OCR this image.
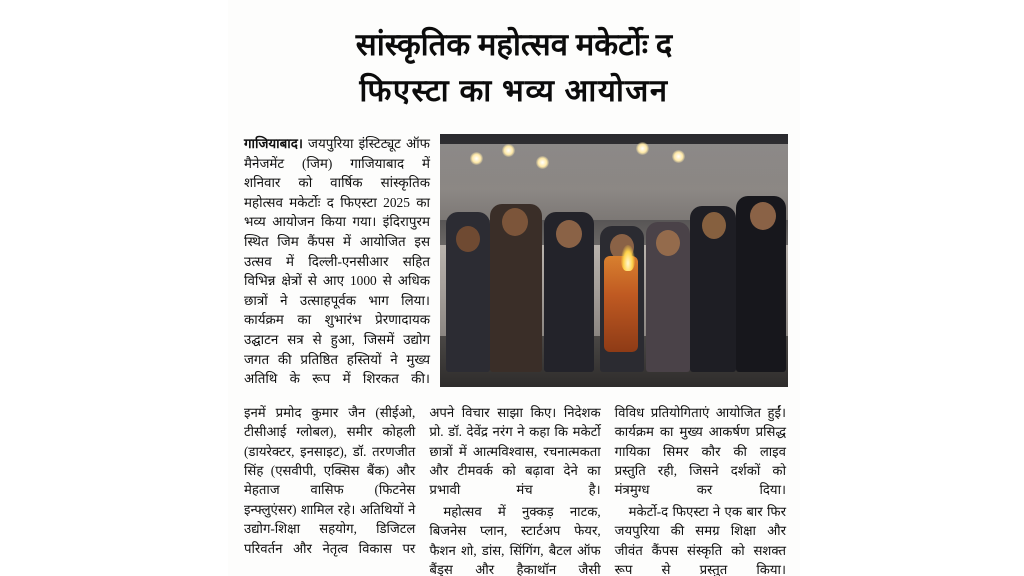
सांस्कृतिक महोत्सव मकेर्टोः द
फिएस्टा का भव्य आयोजन
गाजियाबाद। जयपुरिया इंस्टिट्यूट ऑफ मैनेजमेंट (जिम) गाजियाबाद में शनिवार को वार्षिक सांस्कृतिक महोत्सव मकेर्टोः द फिएस्टा 2025 का भव्य आयोजन किया गया। इंदिरापुरम स्थित जिम कैंपस में आयोजित इस उत्सव में दिल्ली-एनसीआर सहित विभिन्न क्षेत्रों से आए 1000 से अधिक छात्रों ने उत्साहपूर्वक भाग लिया। कार्यक्रम का शुभारंभ प्रेरणादायक उद्घाटन सत्र से हुआ, जिसमें उद्योग जगत की प्रतिष्ठित हस्तियों ने मुख्य अतिथि के रूप में शिरकत की।

इनमें प्रमोद कुमार जैन (सीईओ, टीसीआई ग्लोबल), समीर कोहली (डायरेक्टर, इनसाइट), डॉ. तरणजीत सिंह (एसवीपी, एक्सिस बैंक) और मेहताज वासिफ (फिटनेस इन्फ्लुएंसर) शामिल रहे। अतिथियों ने उद्योग-शिक्षा सहयोग, डिजिटल परिवर्तन और नेतृत्व विकास पर

अपने विचार साझा किए। निदेशक प्रो. डॉ. देवेंद्र नरंग ने कहा कि मकेर्टो छात्रों में आत्मविश्वास, रचनात्मकता और टीमवर्क को बढ़ावा देने का प्रभावी मंच है।

महोत्सव में नुक्कड़ नाटक, बिजनेस प्लान, स्टार्टअप फेयर, फैशन शो, डांस, सिंगिंग, बैटल ऑफ बैंड्स और हैकाथॉन जैसी

विविध प्रतियोगिताएं आयोजित हुईं। कार्यक्रम का मुख्य आकर्षण प्रसिद्ध गायिका सिमर कौर की लाइव प्रस्तुति रही, जिसने दर्शकों को मंत्रमुग्ध कर दिया।

मकेर्टो-द फिएस्टा ने एक बार फिर जयपुरिया की समग्र शिक्षा और जीवंत कैंपस संस्कृति को सशक्त रूप से प्रस्तुत किया।
